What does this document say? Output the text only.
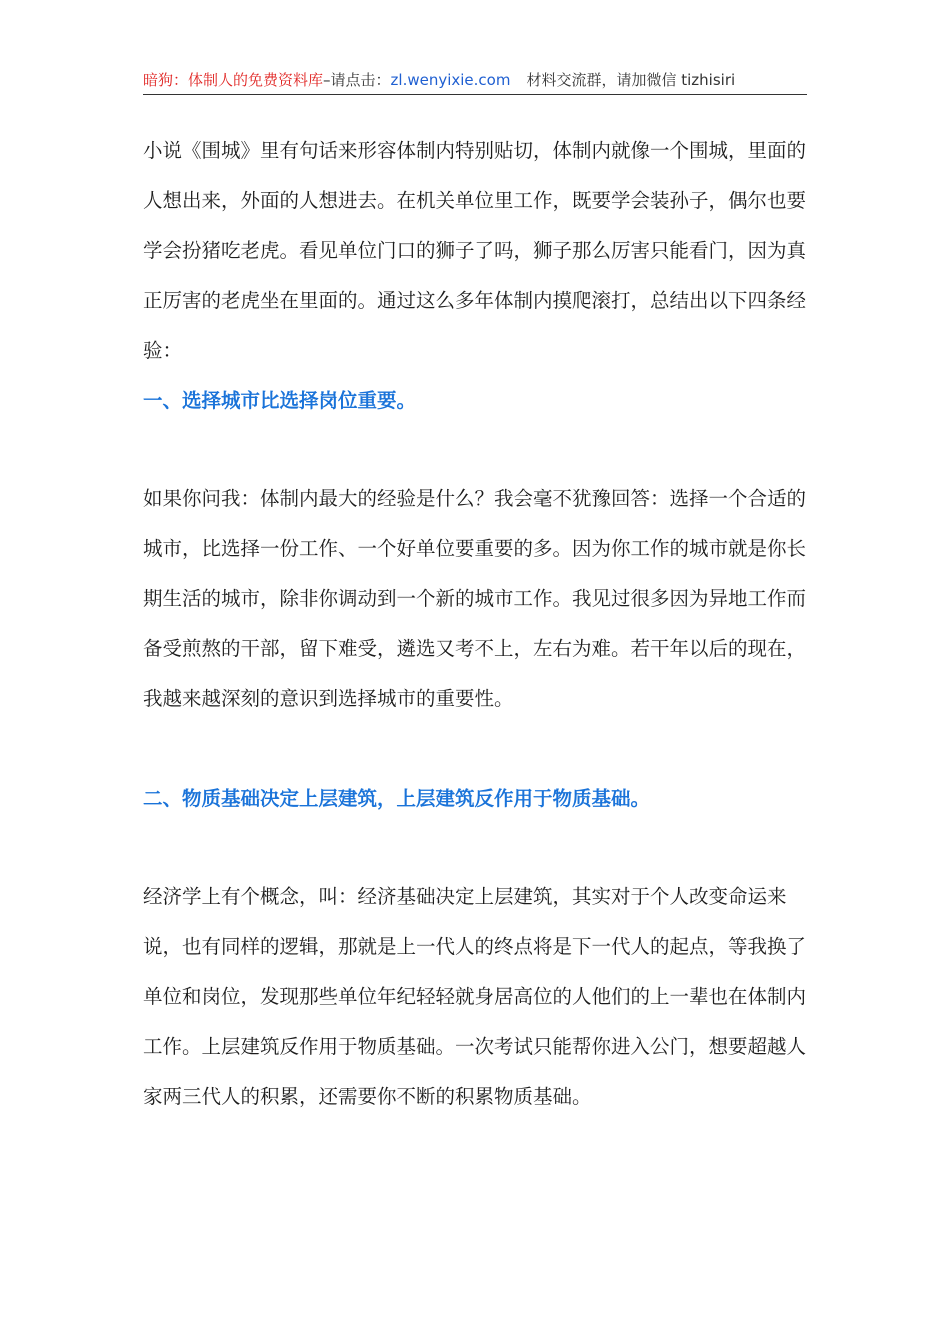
暗狗：体制人的免费资料库–请点击：zl.wenyixie.com 材料交流群，请加微信 tizhisiri
小说《围城》里有句话来形容体制内特别贴切，体制内就像一个围城，里面的人想出来，外面的人想进去。在机关单位里工作，既要学会装孙子，偶尔也要学会扮猪吃老虎。看见单位门口的狮子了吗，狮子那么厉害只能看门，因为真正厉害的老虎坐在里面的。通过这么多年体制内摸爬滚打，总结出以下四条经验：
一、选择城市比选择岗位重要。
如果你问我：体制内最大的经验是什么？我会毫不犹豫回答：选择一个合适的城市，比选择一份工作、一个好单位要重要的多。因为你工作的城市就是你长期生活的城市，除非你调动到一个新的城市工作。我见过很多因为异地工作而备受煎熬的干部，留下难受，遴选又考不上，左右为难。若干年以后的现在，我越来越深刻的意识到选择城市的重要性。
二、物质基础决定上层建筑，上层建筑反作用于物质基础。
经济学上有个概念，叫：经济基础决定上层建筑，其实对于个人改变命运来说，也有同样的逻辑，那就是上一代人的终点将是下一代人的起点，等我换了单位和岗位，发现那些单位年纪轻轻就身居高位的人他们的上一辈也在体制内工作。上层建筑反作用于物质基础。一次考试只能帮你进入公门，想要超越人家两三代人的积累，还需要你不断的积累物质基础。
